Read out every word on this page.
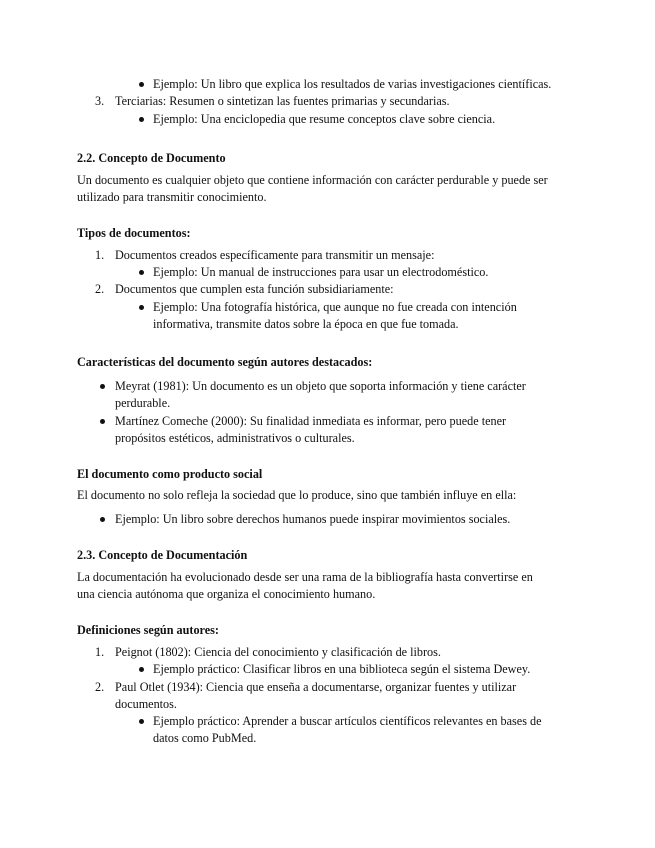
Ejemplo: Un libro que explica los resultados de varias investigaciones científicas.
3. Terciarias: Resumen o sintetizan las fuentes primarias y secundarias.
Ejemplo: Una enciclopedia que resume conceptos clave sobre ciencia.
2.2. Concepto de Documento
Un documento es cualquier objeto que contiene información con carácter perdurable y puede ser
utilizado para transmitir conocimiento.
Tipos de documentos:
1. Documentos creados específicamente para transmitir un mensaje:
Ejemplo: Un manual de instrucciones para usar un electrodoméstico.
2. Documentos que cumplen esta función subsidiariamente:
Ejemplo: Una fotografía histórica, que aunque no fue creada con intención
informativa, transmite datos sobre la época en que fue tomada.
Características del documento según autores destacados:
Meyrat (1981): Un documento es un objeto que soporta información y tiene carácter
perdurable.
Martínez Comeche (2000): Su finalidad inmediata es informar, pero puede tener
propósitos estéticos, administrativos o culturales.
El documento como producto social
El documento no solo refleja la sociedad que lo produce, sino que también influye en ella:
Ejemplo: Un libro sobre derechos humanos puede inspirar movimientos sociales.
2.3. Concepto de Documentación
La documentación ha evolucionado desde ser una rama de la bibliografía hasta convertirse en
una ciencia autónoma que organiza el conocimiento humano.
Definiciones según autores:
1. Peignot (1802): Ciencia del conocimiento y clasificación de libros.
Ejemplo práctico: Clasificar libros en una biblioteca según el sistema Dewey.
2. Paul Otlet (1934): Ciencia que enseña a documentarse, organizar fuentes y utilizar
documentos.
Ejemplo práctico: Aprender a buscar artículos científicos relevantes en bases de
datos como PubMed.
